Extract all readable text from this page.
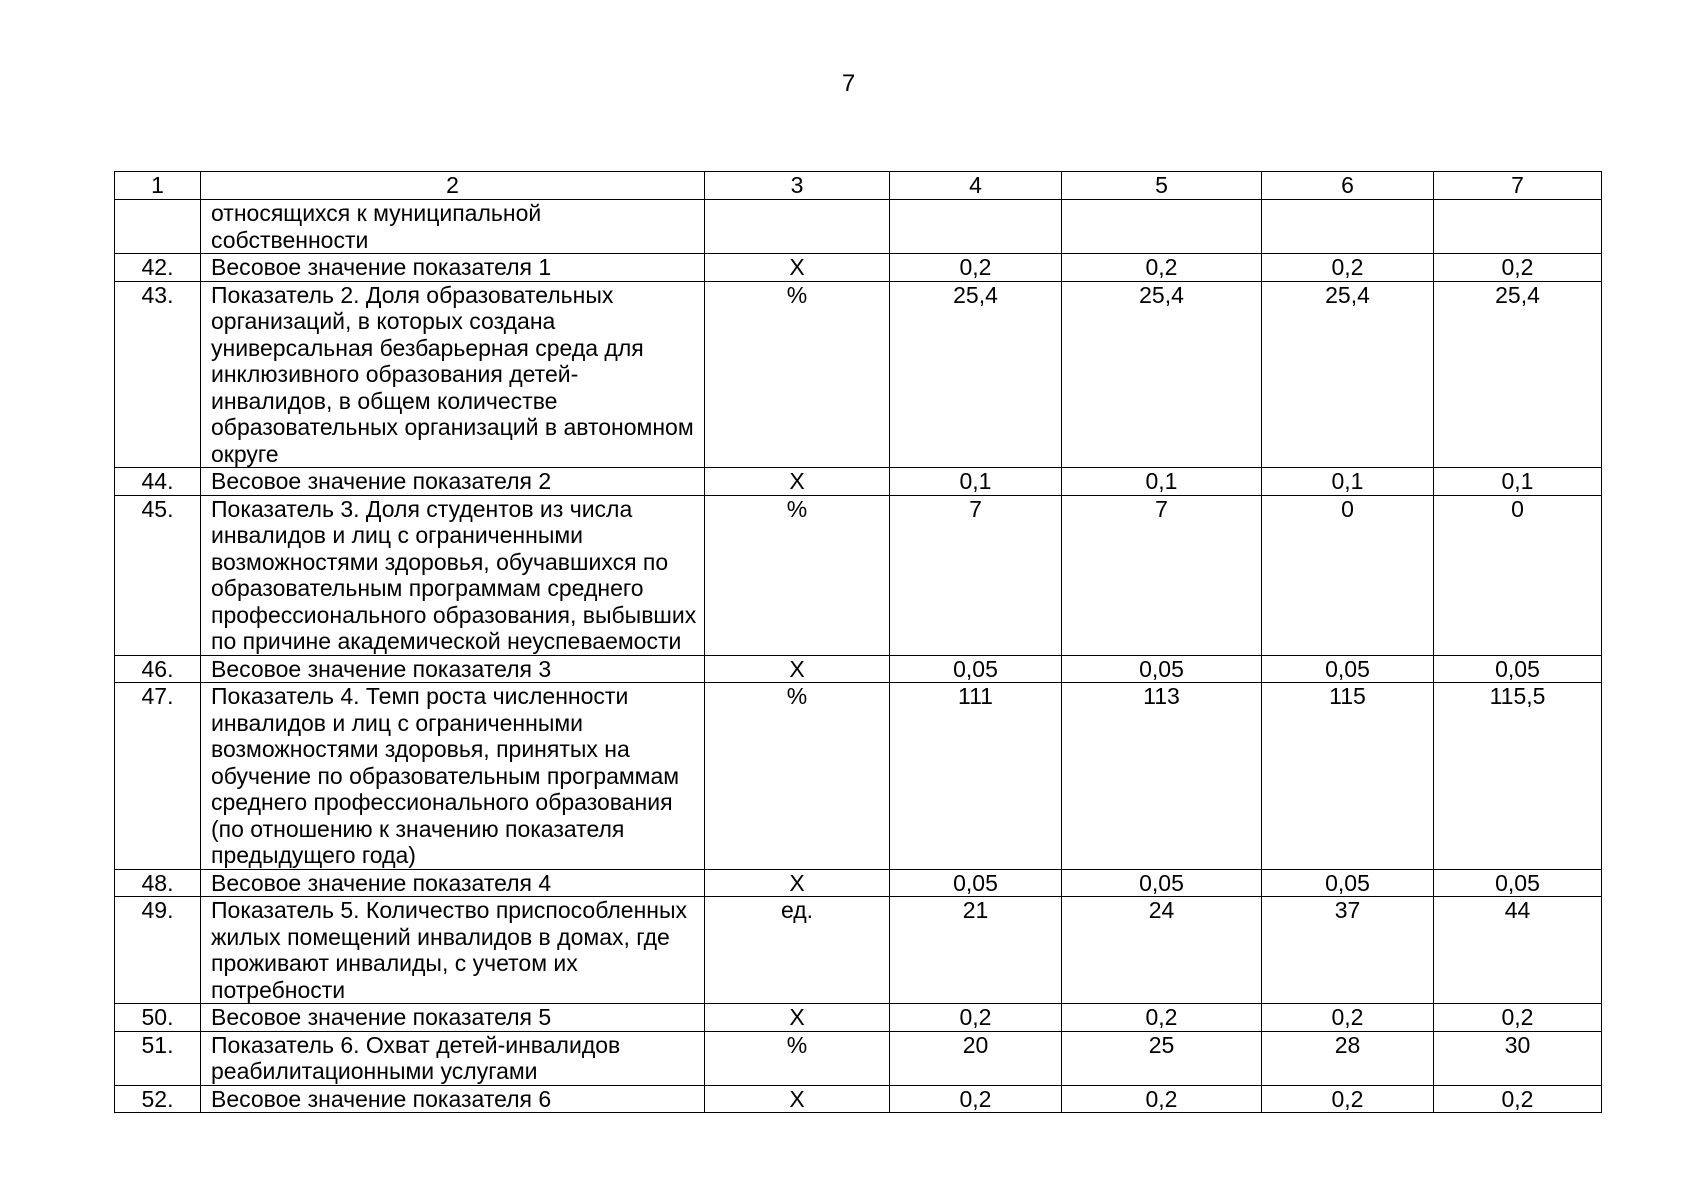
7
1	2	3	4	5	6	7
	относящихся к муниципальной собственности					
42.	Весовое значение показателя 1	X	0,2	0,2	0,2	0,2
43.	Показатель 2. Доля образовательных организаций, в которых создана универсальная безбарьерная среда для инклюзивного образования детей-инвалидов, в общем количестве образовательных организаций в автономном округе	%	25,4	25,4	25,4	25,4
44.	Весовое значение показателя 2	X	0,1	0,1	0,1	0,1
45.	Показатель 3. Доля студентов из числа инвалидов и лиц с ограниченными возможностями здоровья, обучавшихся по образовательным программам среднего профессионального образования, выбывших по причине академической неуспеваемости	%	7	7	0	0
46.	Весовое значение показателя 3	X	0,05	0,05	0,05	0,05
47.	Показатель 4. Темп роста численности инвалидов и лиц с ограниченными возможностями здоровья, принятых на обучение по образовательным программам среднего профессионального образования (по отношению к значению показателя предыдущего года)	%	111	113	115	115,5
48.	Весовое значение показателя 4	X	0,05	0,05	0,05	0,05
49.	Показатель 5. Количество приспособленных жилых помещений инвалидов в домах, где проживают инвалиды, с учетом их потребности	ед.	21	24	37	44
50.	Весовое значение показателя 5	X	0,2	0,2	0,2	0,2
51.	Показатель 6. Охват детей-инвалидов реабилитационными услугами	%	20	25	28	30
52.	Весовое значение показателя 6	X	0,2	0,2	0,2	0,2
